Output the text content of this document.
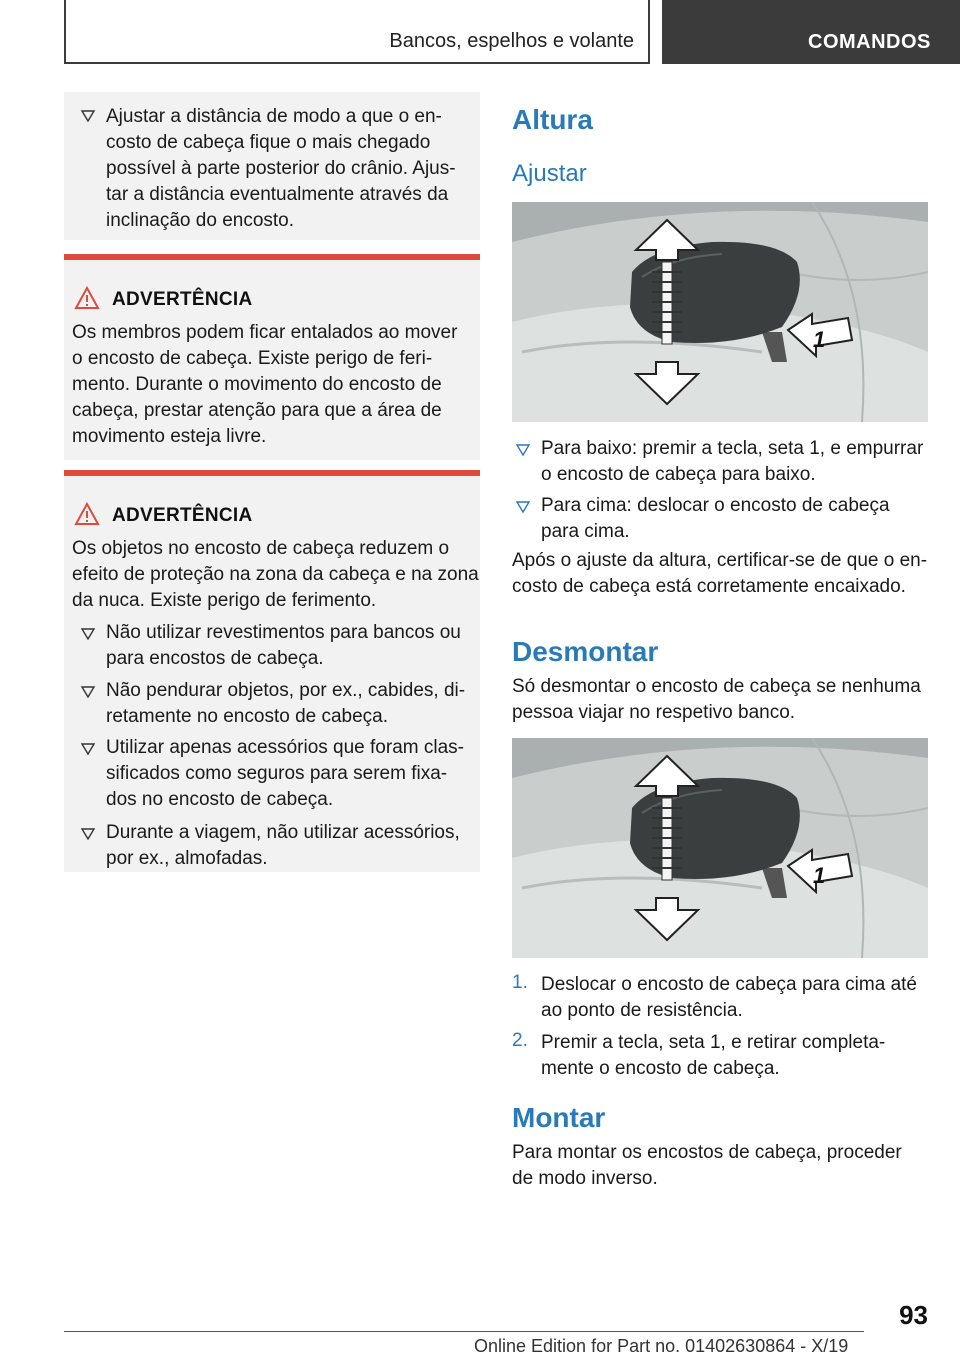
Bancos, espelhos e volante	COMANDOS
Ajustar a distância de modo a que o en-
costo de cabeça fique o mais chegado
possível à parte posterior do crânio. Ajus-
tar a distância eventualmente através da
inclinação do encosto.
ADVERTÊNCIA
Os membros podem ficar entalados ao mover
o encosto de cabeça. Existe perigo de feri-
mento. Durante o movimento do encosto de
cabeça, prestar atenção para que a área de
movimento esteja livre.
ADVERTÊNCIA
Os objetos no encosto de cabeça reduzem o
efeito de proteção na zona da cabeça e na zona
da nuca. Existe perigo de ferimento.
Não utilizar revestimentos para bancos ou
para encostos de cabeça.
Não pendurar objetos, por ex., cabides, di-
retamente no encosto de cabeça.
Utilizar apenas acessórios que foram clas-
sificados como seguros para serem fixa-
dos no encosto de cabeça.
Durante a viagem, não utilizar acessórios,
por ex., almofadas.
Altura
Ajustar
1
Para baixo: premir a tecla, seta 1, e empurrar
o encosto de cabeça para baixo.
Para cima: deslocar o encosto de cabeça
para cima.
Após o ajuste da altura, certificar-se de que o en-
costo de cabeça está corretamente encaixado.
Desmontar
Só desmontar o encosto de cabeça se nenhuma
pessoa viajar no respetivo banco.
1
1. Deslocar o encosto de cabeça para cima até
ao ponto de resistência.
2. Premir a tecla, seta 1, e retirar completa-
mente o encosto de cabeça.
Montar
Para montar os encostos de cabeça, proceder
de modo inverso.
93
Online Edition for Part no. 01402630864 - X/19
